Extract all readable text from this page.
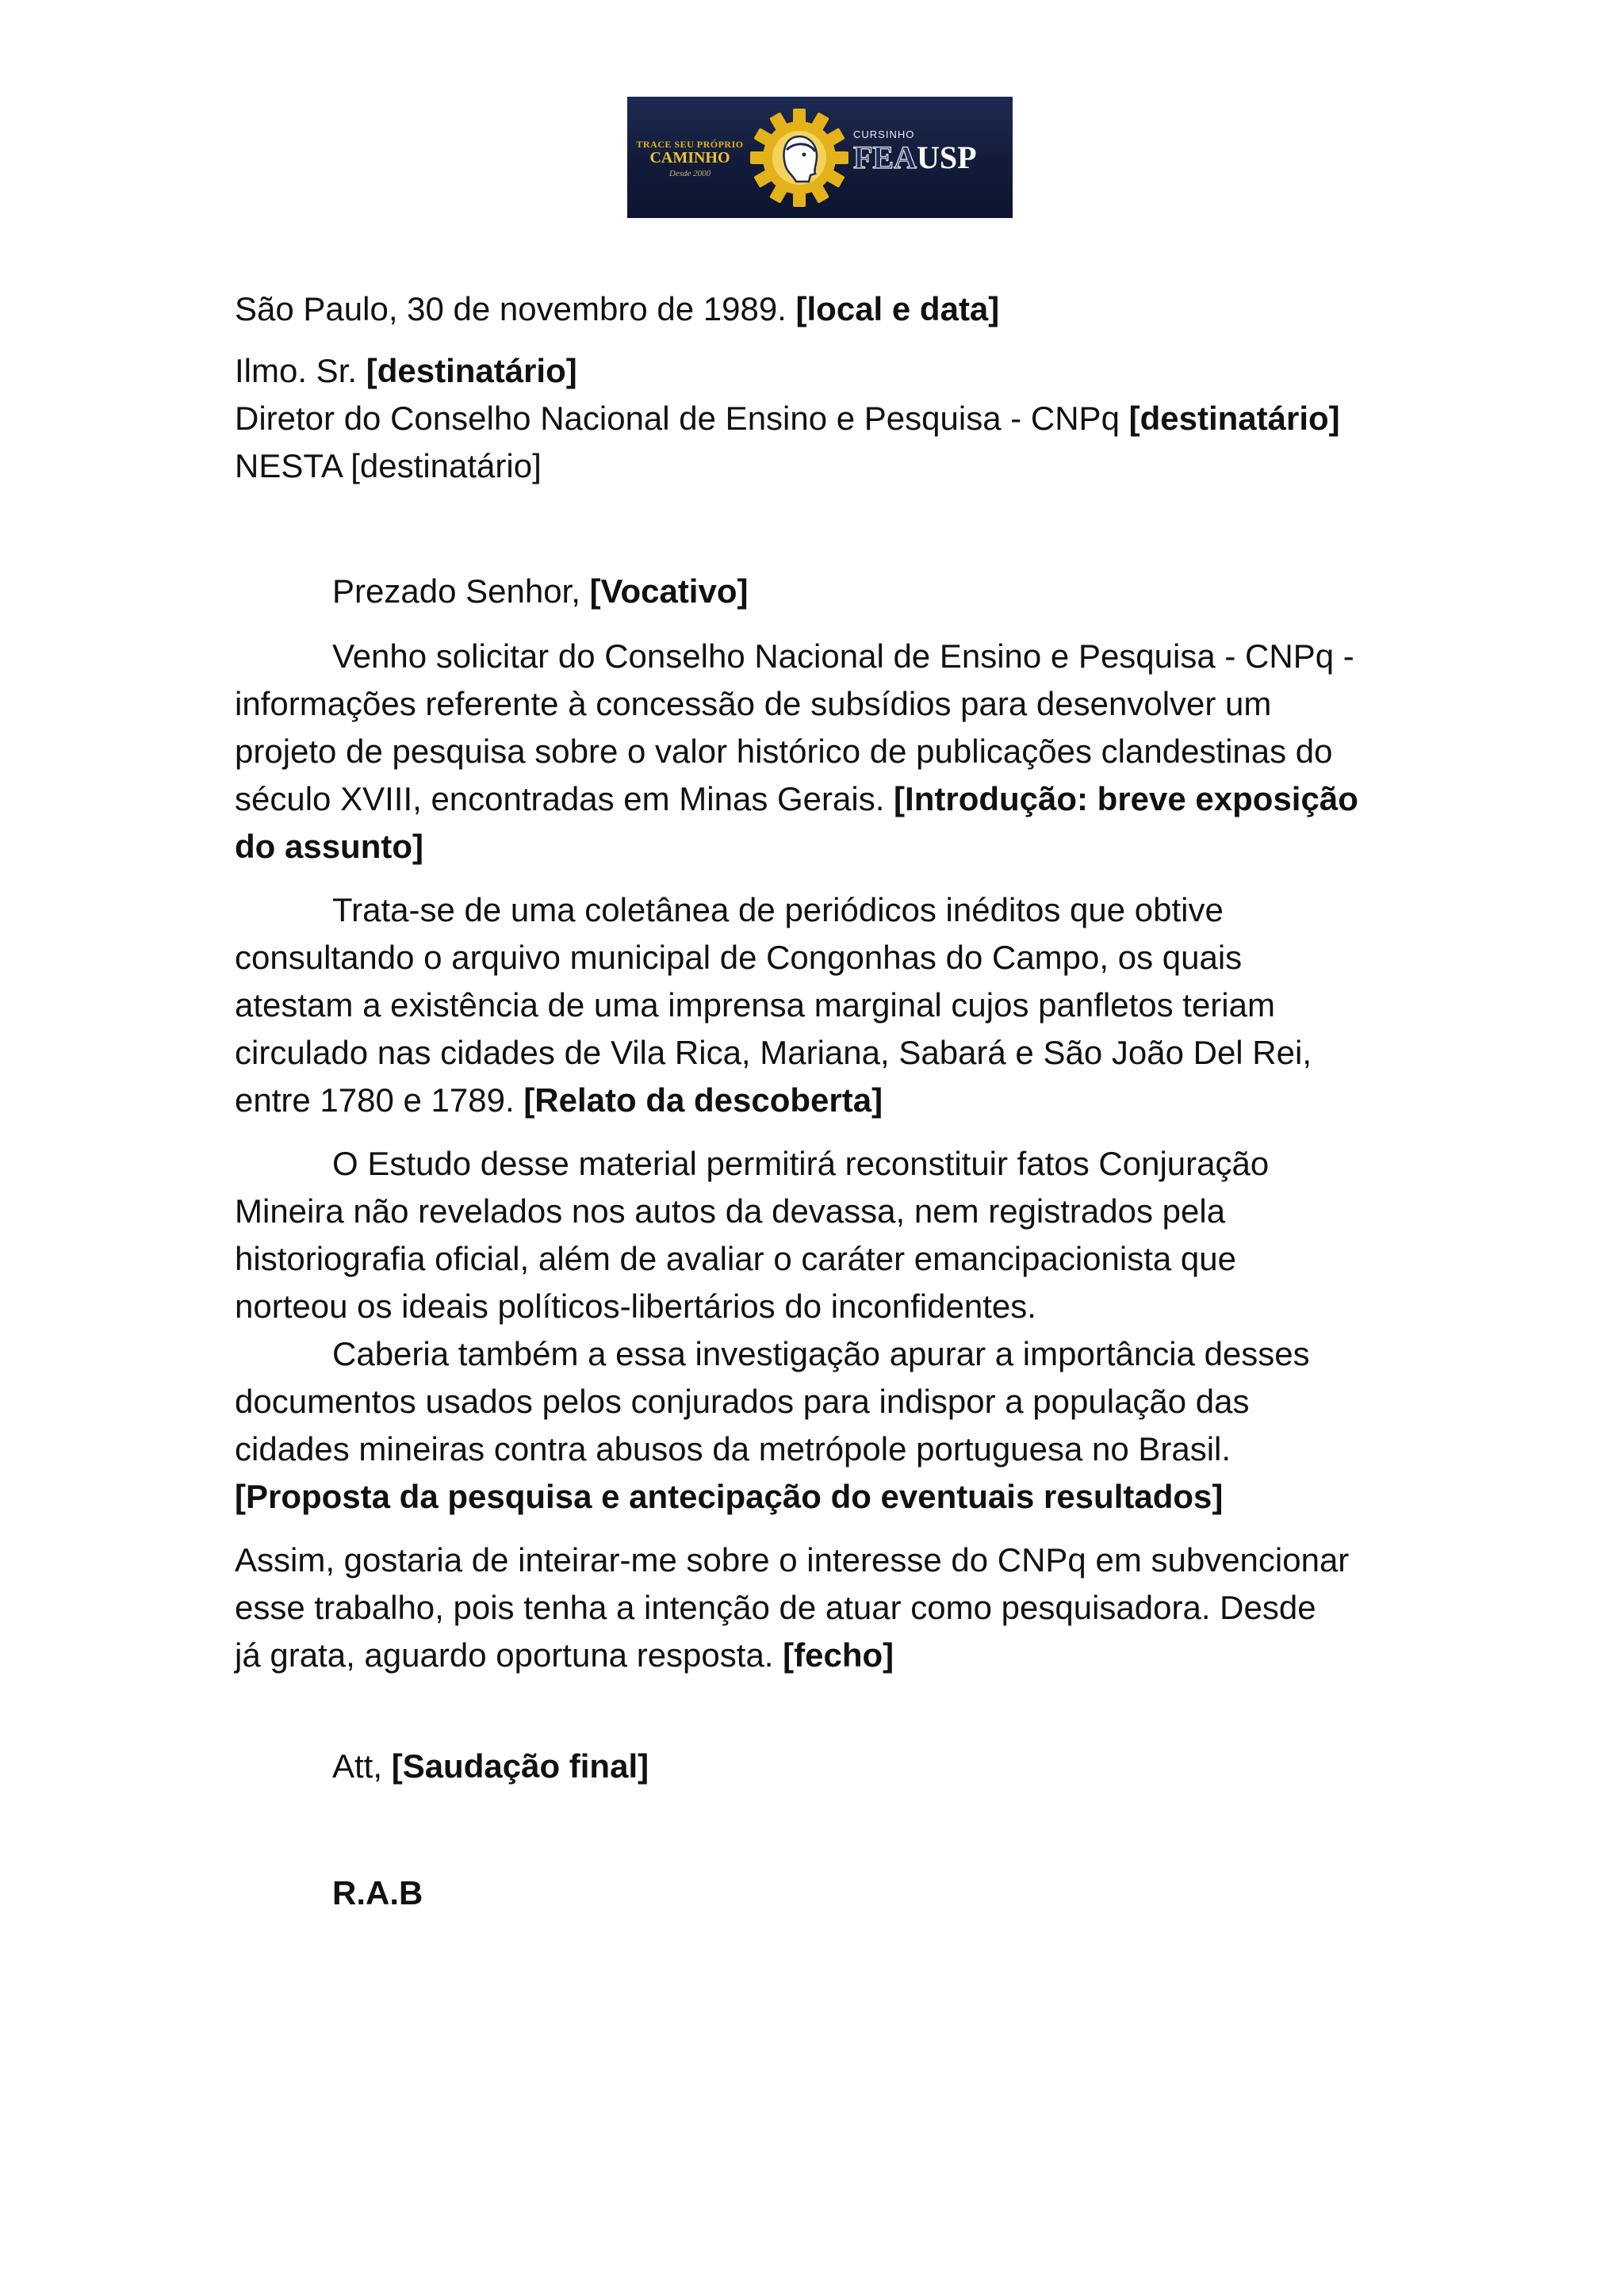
TRACE SEU PRÓPRIO
CAMINHO
Desde 2000
CURSINHO
FEAUSP
São Paulo, 30 de novembro de 1989. [local e data]
Ilmo. Sr. [destinatário]
Diretor do Conselho Nacional de Ensino e Pesquisa - CNPq [destinatário]
NESTA [destinatário]
Prezado Senhor, [Vocativo]
Venho solicitar do Conselho Nacional de Ensino e Pesquisa - CNPq -
informações referente à concessão de subsídios para desenvolver um
projeto de pesquisa sobre o valor histórico de publicações clandestinas do
século XVIII, encontradas em Minas Gerais. [Introdução: breve exposição
do assunto]
Trata-se de uma coletânea de periódicos inéditos que obtive
consultando o arquivo municipal de Congonhas do Campo, os quais
atestam a existência de uma imprensa marginal cujos panfletos teriam
circulado nas cidades de Vila Rica, Mariana, Sabará e São João Del Rei,
entre 1780 e 1789. [Relato da descoberta]
O Estudo desse material permitirá reconstituir fatos Conjuração
Mineira não revelados nos autos da devassa, nem registrados pela
historiografia oficial, além de avaliar o caráter emancipacionista que
norteou os ideais políticos-libertários do inconfidentes.
Caberia também a essa investigação apurar a importância desses
documentos usados pelos conjurados para indispor a população das
cidades mineiras contra abusos da metrópole portuguesa no Brasil.
[Proposta da pesquisa e antecipação do eventuais resultados]
Assim, gostaria de inteirar-me sobre o interesse do CNPq em subvencionar
esse trabalho, pois tenha a intenção de atuar como pesquisadora. Desde
já grata, aguardo oportuna resposta. [fecho]
Att, [Saudação final]
R.A.B
